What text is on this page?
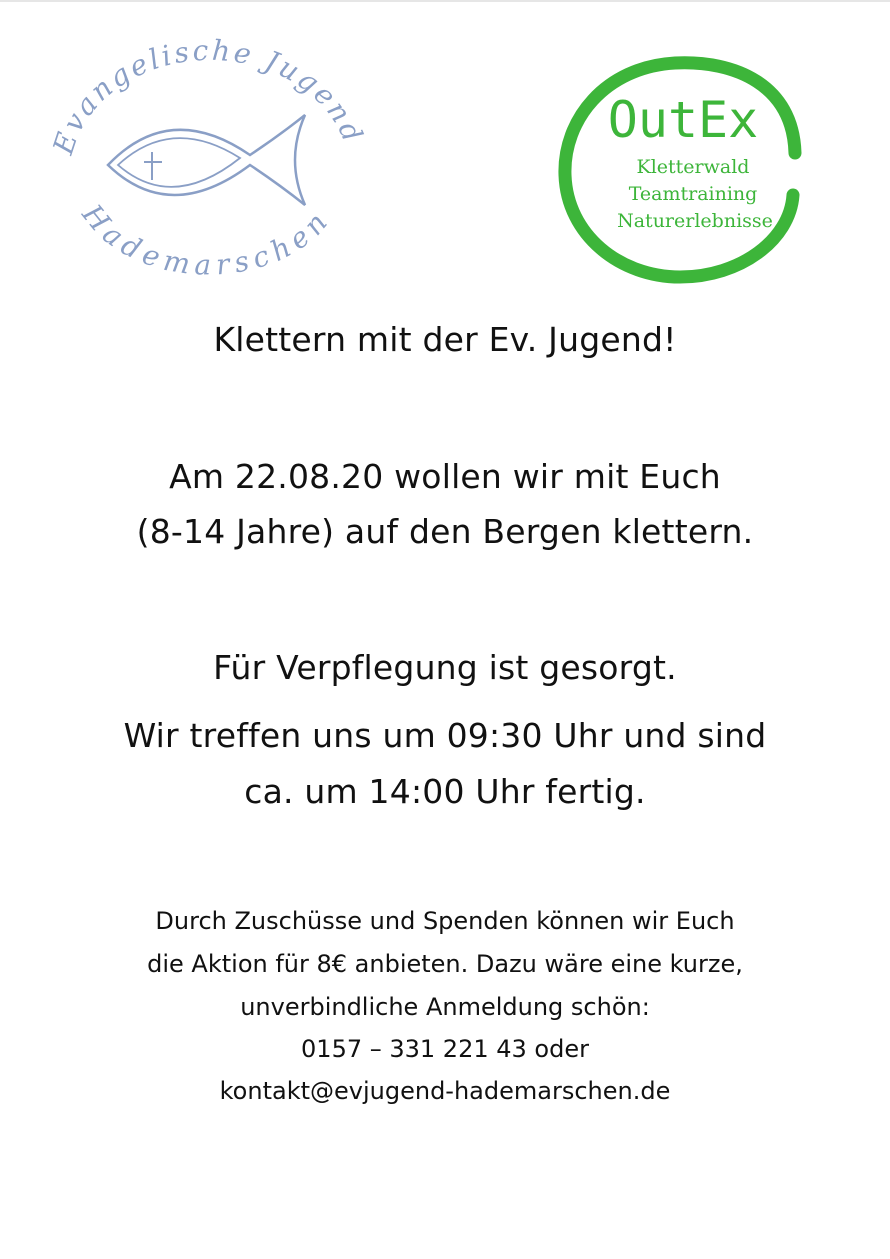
Evangelische Jugend
Hademarschen
OutEx
Kletterwald
Teamtraining
Naturerlebnisse

Klettern mit der Ev. Jugend!

Am 22.08.20 wollen wir mit Euch

(8-14 Jahre) auf den Bergen klettern.

Für Verpflegung ist gesorgt.

Wir treffen uns um 09:30 Uhr und sind

ca. um 14:00 Uhr fertig.

Durch Zuschüsse und Spenden können wir Euch

die Aktion für 8€ anbieten. Dazu wäre eine kurze,

unverbindliche Anmeldung schön:

0157 – 331 221 43 oder

kontakt@evjugend-hademarschen.de
